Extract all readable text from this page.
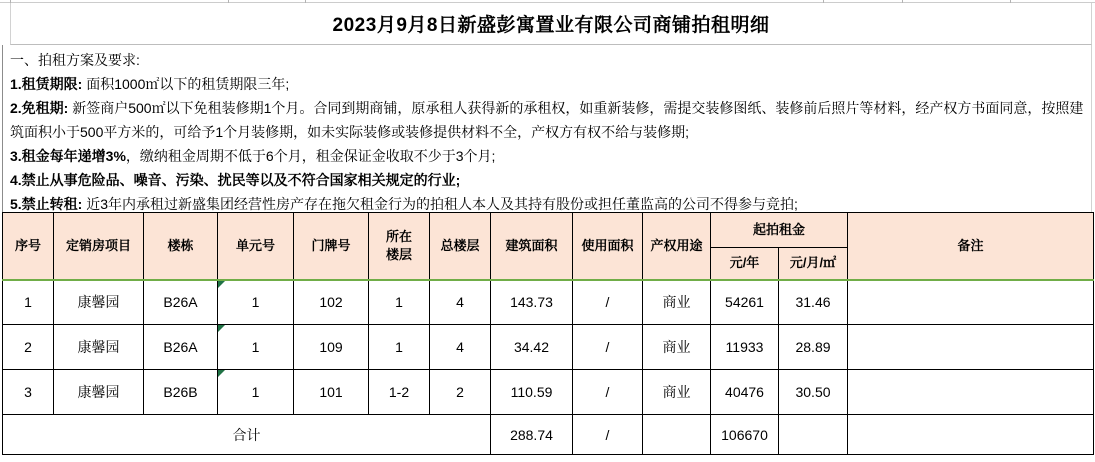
2023月9月8日新盛彭寓置业有限公司商铺拍租明细
一、拍租方案及要求:
1.租赁期限: 面积1000㎡以下的租赁期限三年;
2.免租期: 新签商户500㎡以下免租装修期1个月。合同到期商铺，原承租人获得新的承租权，如重新装修，需提交装修图纸、装修前后照片等材料，经产权方书面同意，按照建筑面积小于500平方米的，可给予1个月装修期，如未实际装修或装修提供材料不全，产权方有权不给与装修期;
3.租金每年递增3%，缴纳租金周期不低于6个月，租金保证金收取不少于3个月;
4.禁止从事危险品、噪音、污染、扰民等以及不符合国家相关规定的行业;
5.禁止转租: 近3年内承租过新盛集团经营性房产存在拖欠租金行为的拍租人本人及其持有股份或担任董监高的公司不得参与竞拍;
序号	定销房项目	楼栋	单元号	门牌号	所在楼层	总楼层	建筑面积	使用面积	产权用途	起拍租金		备注
										元/年	元/月/㎡	
1	康馨园	B26A	1	102	1	4	143.73	/	商业	54261	31.46	
2	康馨园	B26A	1	109	1	4	34.42	/	商业	11933	28.89	
3	康馨园	B26B	1	101	1-2	2	110.59	/	商业	40476	30.50	
合计							288.74	/		106670		
